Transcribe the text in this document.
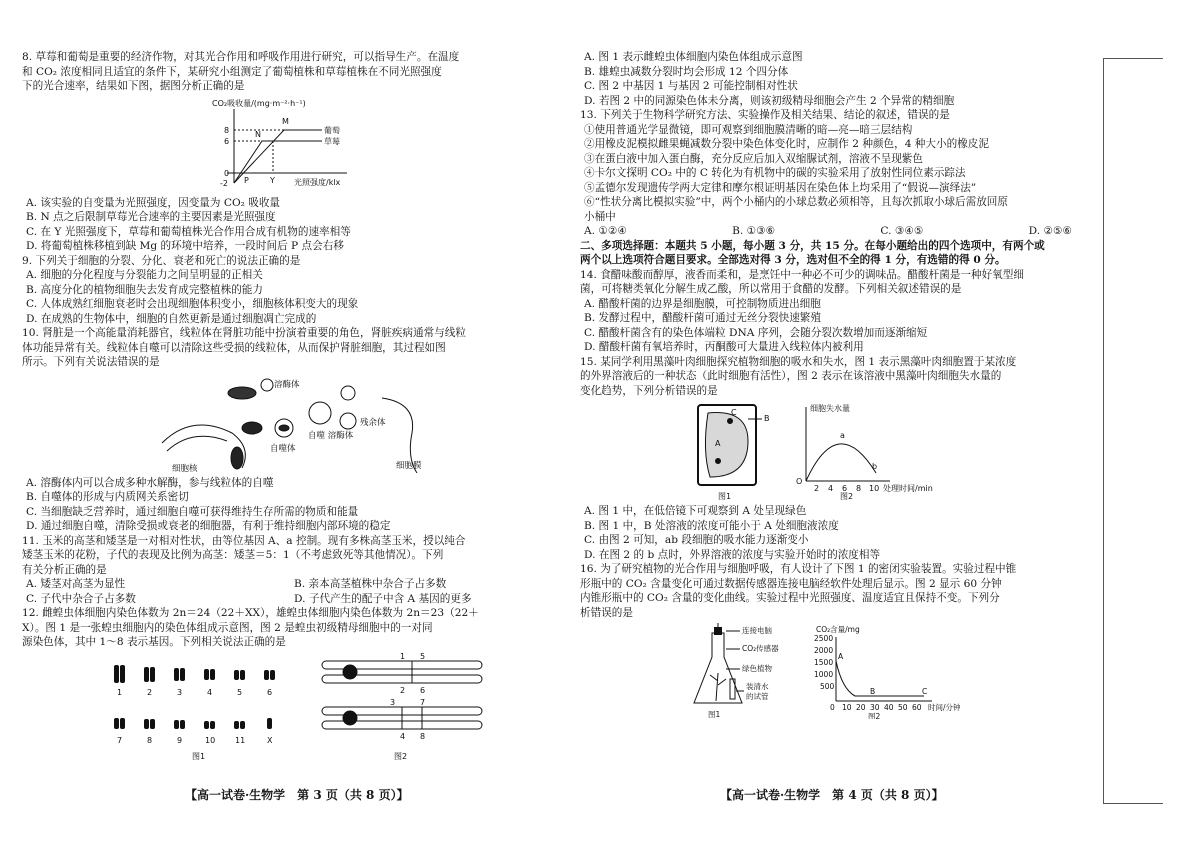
8. 草莓和葡萄是重要的经济作物，对其光合作用和呼吸作用进行研究，可以指导生产。在温度

和 CO₂ 浓度相同且适宜的条件下，某研究小组测定了葡萄植株和草莓植株在不同光照强度

下的光合速率，结果如下图，据图分析正确的是

CO₂吸收量/(mg·m⁻²·h⁻¹)
8
6
0
-2
葡萄
草莓
M
N
P	Y 光照强度/klx

A. 该实验的自变量为光照强度，因变量为 CO₂ 吸收量

B. N 点之后限制草莓光合速率的主要因素是光照强度

C. 在 Y 光照强度下，草莓和葡萄植株光合作用合成有机物的速率相等

D. 将葡萄植株移植到缺 Mg 的环境中培养，一段时间后 P 点会右移

9. 下列关于细胞的分裂、分化、衰老和死亡的说法正确的是

A. 细胞的分化程度与分裂能力之间呈明显的正相关

B. 高度分化的植物细胞失去发育成完整植株的能力

C. 人体成熟红细胞衰老时会出现细胞体积变小，细胞核体积变大的现象

D. 在成熟的生物体中，细胞的自然更新是通过细胞凋亡完成的

10. 肾脏是一个高能量消耗器官，线粒体在肾脏功能中扮演着重要的角色，肾脏疾病通常与线粒

体功能异常有关。线粒体自噬可以清除这些受损的线粒体，从而保护肾脏细胞，其过程如图

所示。下列有关说法错误的是

溶酶体
自噬体
自噬 溶酶体
残余体
细胞膜
细胞核

A. 溶酶体内可以合成多种水解酶，参与线粒体的自噬

B. 自噬体的形成与内质网关系密切

C. 当细胞缺乏营养时，通过细胞自噬可获得维持生存所需的物质和能量

D. 通过细胞自噬，清除受损或衰老的细胞器，有利于维持细胞内部环境的稳定

11. 玉米的高茎和矮茎是一对相对性状，由等位基因 A、a 控制。现有多株高茎玉米，授以纯合

矮茎玉米的花粉，子代的表现及比例为高茎：矮茎＝5：1（不考虑致死等其他情况）。下列

有关分析正确的是

A. 矮茎对高茎为显性	B. 亲本高茎植株中杂合子占多数
C. 子代中杂合子占多数	D. 子代产生的配子中含 A 基因的更多

12. 雌蝗虫体细胞内染色体数为 2n＝24（22＋XX），雄蝗虫体细胞内染色体数为 2n＝23（22＋

X）。图 1 是一张蝗虫细胞内的染色体组成示意图，图 2 是蝗虫初级精母细胞中的一对同

源染色体，其中 1～8 表示基因。下列相关说法正确的是

1	2	3	4	5	6
7	8	9	10 11	X
图1
5
2 6
3	7
4 8
1
图2
【高一试卷·生物学　第 3 页（共 8 页）】

A. 图 1 表示雌蝗虫体细胞内染色体组成示意图

B. 雄蝗虫减数分裂时均会形成 12 个四分体

C. 图 2 中基因 1 与基因 2 可能控制相对性状

D. 若图 2 中的同源染色体未分离，则该初级精母细胞会产生 2 个异常的精细胞

13. 下列关于生物科学研究方法、实验操作及相关结果、结论的叙述，错误的是

①使用普通光学显微镜，即可观察到细胞膜清晰的暗—亮—暗三层结构

②用橡皮泥模拟雌果蝇减数分裂中染色体变化时，应制作 2 种颜色，4 种大小的橡皮泥

③在蛋白液中加入蛋白酶，充分反应后加入双缩脲试剂，溶液不呈现紫色

④卡尔文探明 CO₂ 中的 C 转化为有机物中的碳的实验采用了放射性同位素示踪法

⑤孟德尔发现遗传学两大定律和摩尔根证明基因在染色体上均采用了“假说—演绎法”

⑥“性状分离比模拟实验”中，两个小桶内的小球总数必须相等，且每次抓取小球后需放回原

小桶中

A. ①②④	B. ①③⑥	C. ③④⑤	D. ②⑤⑥

二、多项选择题：本题共 5 小题，每小题 3 分，共 15 分。在每小题给出的四个选项中，有两个或

两个以上选项符合题目要求。全部选对得 3 分，选对但不全的得 1 分，有选错的得 0 分。

14. 食醋味酸而醇厚，液香而柔和，是烹饪中一种必不可少的调味品。醋酸杆菌是一种好氧型细

菌，可将糖类氧化分解生成乙酸，所以常用于食醋的发酵。下列相关叙述错误的是

A. 醋酸杆菌的边界是细胞膜，可控制物质进出细胞

B. 发酵过程中，醋酸杆菌可通过无丝分裂快速繁殖

C. 醋酸杆菌含有的染色体端粒 DNA 序列，会随分裂次数增加而逐渐缩短

D. 醋酸杆菌有氧培养时，丙酮酸可大量进入线粒体内被利用

15. 某同学利用黑藻叶肉细胞探究植物细胞的吸水和失水，图 1 表示黑藻叶肉细胞置于某浓度

的外界溶液后的一种状态（此时细胞有活性），图 2 表示在该溶液中黑藻叶肉细胞失水量的

变化趋势，下列分析错误的是

A
C
B
图1
细胞失水量
O
a
b
2 4 6 8 10 处理时间/min
图2

A. 图 1 中，在低倍镜下可观察到 A 处呈现绿色

B. 图 1 中，B 处溶液的浓度可能小于 A 处细胞液浓度

C. 由图 2 可知，ab 段细胞的吸水能力逐渐变小

D. 在图 2 的 b 点时，外界溶液的浓度与实验开始时的浓度相等

16. 为了研究植物的光合作用与细胞呼吸，有人设计了下图 1 的密闭实验装置。实验过程中锥

形瓶中的 CO₂ 含量变化可通过数据传感器连接电脑经软件处理后显示。图 2 显示 60 分钟

内锥形瓶中的 CO₂ 含量的变化曲线。实验过程中光照强度、温度适宜且保持不变。下列分

析错误的是

连接电脑
CO₂传感器
绿色植物
装清水
的试管
图1
CO₂含量/mg
2500
2000
1500
1000
500
0
A
B	C
10 20 30 40 50 60 时间/分钟
图2
【高一试卷·生物学　第 4 页（共 8 页）】
